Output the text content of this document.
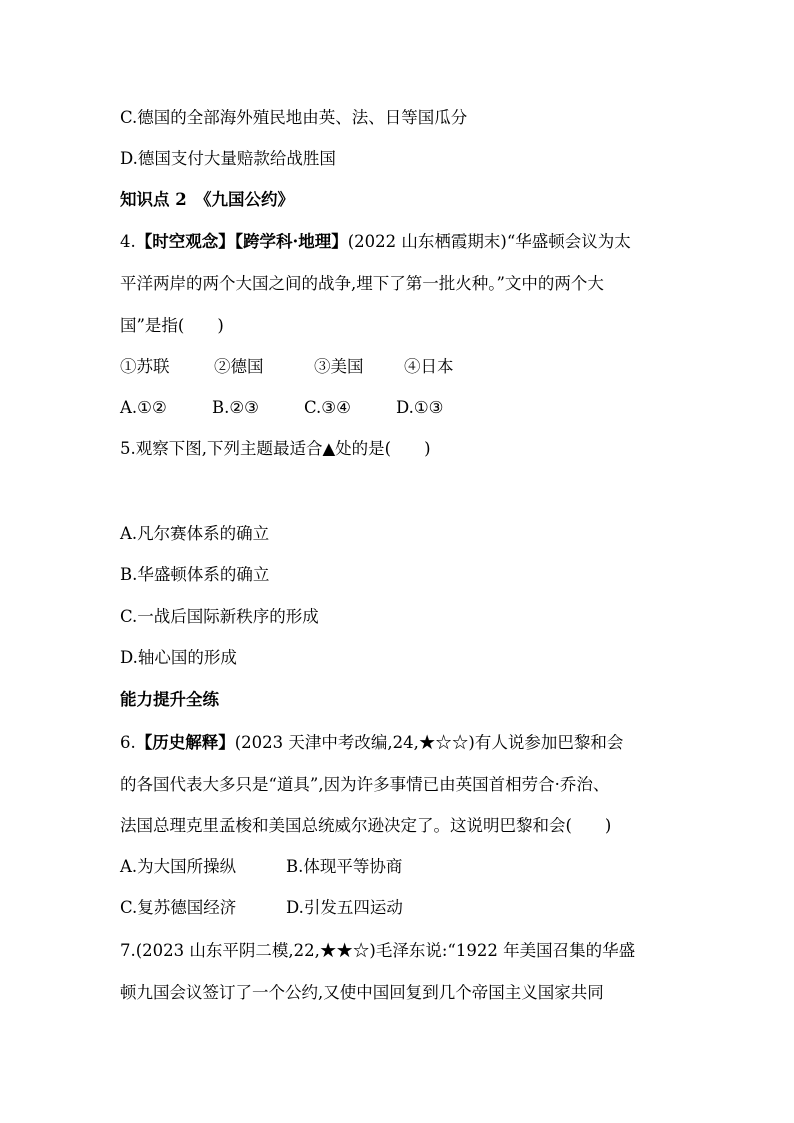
C.德国的全部海外殖民地由英、法、日等国瓜分
D.德国支付大量赔款给战胜国
知识点 2　《九国公约》
4.【时空观念】【跨学科·地理】(2022 山东栖霞期末)“华盛顿会议为太
平洋两岸的两个大国之间的战争,埋下了第一批火种。”文中的两个大
国”是指(　　)
①苏联	②德国	③美国 ④日本
A.①②	B.②③	C.③④	D.①③
5.观察下图,下列主题最适合▲处的是(　　)
A.凡尔赛体系的确立
B.华盛顿体系的确立
C.一战后国际新秩序的形成
D.轴心国的形成
能力提升全练
6.【历史解释】(2023 天津中考改编,24,★☆☆)有人说参加巴黎和会
的各国代表大多只是“道具”,因为许多事情已由英国首相劳合·乔治、
法国总理克里孟梭和美国总统威尔逊决定了。这说明巴黎和会(　　)
A.为大国所操纵	B.体现平等协商
C.复苏德国经济	D.引发五四运动
7.(2023 山东平阴二模,22,★★☆)毛泽东说:“1922 年美国召集的华盛
顿九国会议签订了一个公约,又使中国回复到几个帝国主义国家共同
